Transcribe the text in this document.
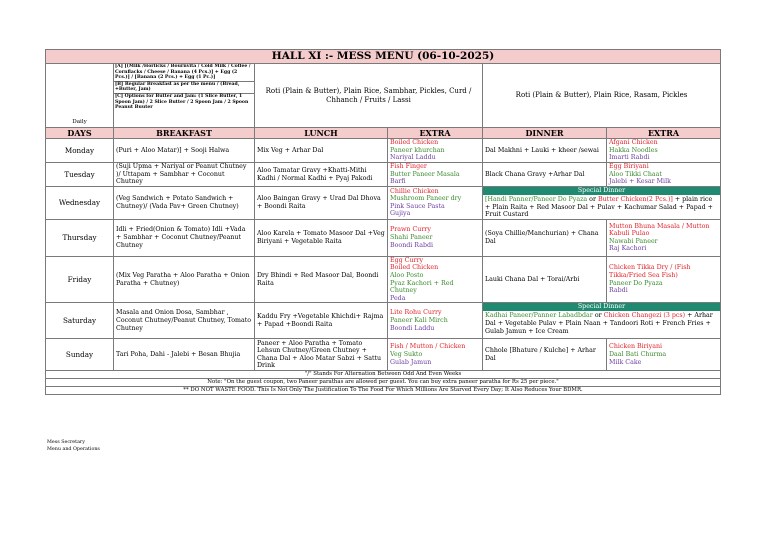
HALL XI :- MESS MENU (06-10-2025)					
Daily	[A] [(Milk /Horlicks / Bournvita / Cold Milk / Coffee / Cornflacks / Cheese / Banana (4 Pcs.)] + Egg (2 Pcs.)] / [Banana (2 Pcs.) + Egg (1 Pc.)]
[B] Regular Breakfast as per the menu / (Bread, +Butter, Jam)
[C] Options for Butter and Jam: (1 Slice Butter, 1 Spoon Jam) / 2 Slice Butter / 2 Spoon Jam / 2 Spoon Peanut Buuter	Roti (Plain & Butter), Plain Rice, Sambhar, Pickles, Curd / Chhanch / Fruits / Lassi		Roti (Plain & Butter), Plain Rice, Rasam, Pickles	
DAYS	BREAKFAST	LUNCH	EXTRA	DINNER	EXTRA
Monday	(Puri + Aloo Matar)] + Sooji Halwa	Mix Veg + Arhar Dal	Boiled Chicken
Paneer khurchan
Nariyal Laddu	Dal Makhni + Lauki + kheer /sewai	Afgani Chicken
Hakka Noodles
Imarti Rabdi

Tuesday	(Suji Upma + Nariyal or Peanut Chutney )/ Uttapam + Sambhar + Coconut Chutney	Aloo Tamatar Gravy +Khatti-Mithi Kadhi / Normal Kadhi + Pyaj Pakodi	Fish Finger
Butter Paneer Masala
Barfi	Black Chana Gravy +Arhar Dal	Egg Biriyani
Aloo Tikki Chaat
Jalebi + Kesar Milk

Wednesday	(Veg Sandwich + Potato Sandwich + Chutney)/ (Vada Pav+ Green Chutney)	Aloo Baingan Gravy + Urad Dal Dhova + Boondi Raita	Chillie Chicken
Mushroom Paneer dry
Pink Sauce Pasta
Gujiya	Special Dinner
[Handi Panner/Paneer Do Pyaza or Butter Chicken(2 Pcs.)] + plain rice + Plain Raita + Red Masoor Dal + Pulav + Kachumar Salad + Papad + Fruit Custard	

Thursday	Idli + Fried(Onion & Tomato) Idli +Vada + Sambhar + Coconut Chutney/Peanut Chutney	Aloo Karela + Tomato Masoor Dal +Veg Biriyani + Vegetable Raita	Prawn Curry
Shahi Paneer
Boondi Rabdi	(Soya Chillie/Manchurian) + Chana Dal	Mutton Bhuna Masala / Mutton Kabuli Pulao
Nawabi Paneer
Raj Kachori

Friday	(Mix Veg Paratha + Aloo Paratha + Onion Paratha + Chutney)	Dry Bhindi + Red Masoor Dal, Boondi Raita	Egg Curry
Boiled Chicken
Aloo Posto
Pyaz Kachori + Red Chutney
Peda	Lauki Chana Dal + Torai/Arbi	Chicken Tikka Dry / (Fish Tikka/Fried Sea Fish)
Paneer Do Pyaza
Rabdi

Saturday	Masala and Onion Dosa, Sambhar , Coconut Chutney/Peanut Chutney, Tomato Chutney	Kaddu Fry +Vegetable Khichdi+ Rajma + Papad +Boondi Raita	Lite Rohu Curry
Paneer Kali Mirch
Boondi Laddu	Special Dinner
Kadhai Paneer/Panner Labadbdar or Chicken Changezi (3 pcs) + Arhar Dal + Vegetable Pulav + Plain Naan + Tandoori Roti + French Fries + Gulab Jamun + Ice Cream	

Sunday	Tari Poha, Dahi - Jalebi + Besan Bhujia	Paneer + Aloo Paratha + Tomato Lehsun Chutney/Green Chutney + Chana Dal + Aloo Matar Sabzi + Sattu Drink	Fish / Mutton / Chicken
Veg Sukto
Gulab Jamun	Chhole [Bhature / Kulche] + Arhar Dal	Chicken Biriyani
Daal Bati Churma
Milk Cake

"/" Stands For Alternation Between Odd And Even Weeks					
Note: "On the guest coupon, two Paneer parathas are allowed per guest. You can buy extra paneer paratha for Rs 25 per piece."					
** DO NOT WASTE FOOD. This Is Not Only The Justification To The Food For Which Millions Are Starved Every Day; It Also Reduces Your BDMR.					
Mess Secretary
Menu and Operations
